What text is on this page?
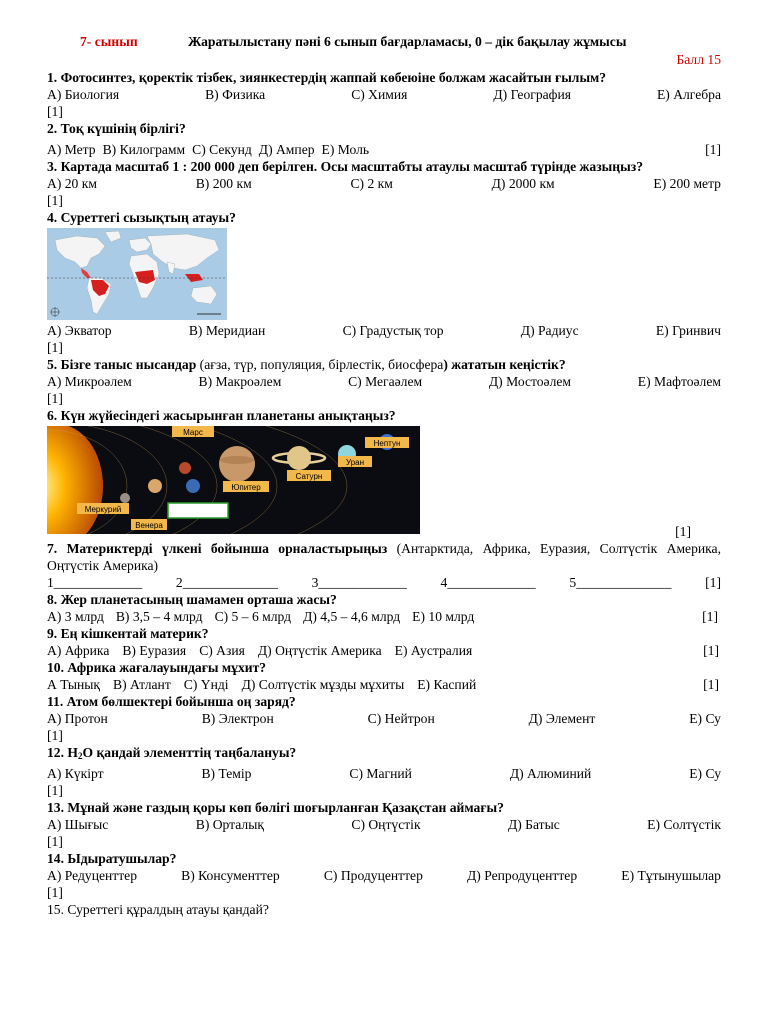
7- сынып	Жаратылыстану пәні 6 сынып бағдарламасы, 0 – дік бақылау жұмысы
Балл 15
1. Фотосинтез, қоректік тізбек, зиянкестердің жаппай көбеюіне болжам жасайтын ғылым?
А) Биология	В) Физика	С) Химия	Д) География	Е) Алгебра
[1]
2. Тоқ күшінің бірлігі?
А) Метр В) Килограмм С) Секунд Д) Ампер Е) Моль	[1]
3. Картада масштаб 1 : 200 000 деп берілген. Осы масштабты атаулы масштаб түрінде жазыңыз?
А) 20 км	В) 200 км	С) 2 км	Д) 2000 км	Е) 200 метр
[1]
4. Суреттегі сызықтың атауы?
А) Экватор	В) Меридиан	С) Градустық тор	Д) Радиус	Е) Гринвич
[1]
5. Бізге таныс нысандар (ағза, түр, популяция, бірлестік, биосфера) жататын кеңістік?
А) Микроәлем	В) Макроәлем	С) Мегаәлем	Д) Мостоәлем	Е) Мафтоәлем
[1]
6. Күн жүйесіндегі жасырынған планетаны анықтаңыз?
Марс
Нептун
Уран
Сатурн
Юпитер
Меркурий
Венера	[1]
7. Материктерді үлкені бойынша орналастырыңыз (Антарктида, Африка, Еуразия, Солтүстік Америка, Оңтүстік Америка)
1_____________ 2______________ 3_____________ 4_____________ 5______________ [1]
8. Жер планетасының шамамен орташа жасы?
А) 3 млрд В) 3,5 – 4 млрд С) 5 – 6 млрд Д) 4,5 – 4,6 млрд Е) 10 млрд	[1]
9. Ең кішкентай материк?
А) Африка В) Еуразия С) Азия Д) Оңтүстік Америка Е) Аустралия	[1]
10. Африка жағалауындағы мұхит?
А Тынық В) Атлант С) Үнді Д) Солтүстік мұзды мұхиты Е) Каспий	[1]
11. Атом бөлшектері бойынша оң заряд?
А) Протон	В) Электрон	С) Нейтрон	Д) Элемент	Е) Су
[1]
12. $Н_2О$ қандай элементтің таңбалануы?
А) Күкірт	В) Темір	С) Магний	Д) Алюминий	Е) Су
[1]
13. Мұнай және газдың қоры көп бөлігі шоғырланған Қазақстан аймағы?
А) Шығыс	В) Орталық	С) Оңтүстік	Д) Батыс	Е) Солтүстік
[1]
14. Ыдыратушылар?
А) Редуценттер	В) Консументтер	С) Продуценттер	Д) Репродуценттер	Е) Тұтынушылар
[1]
15. Суреттегі құралдың атауы қандай?
